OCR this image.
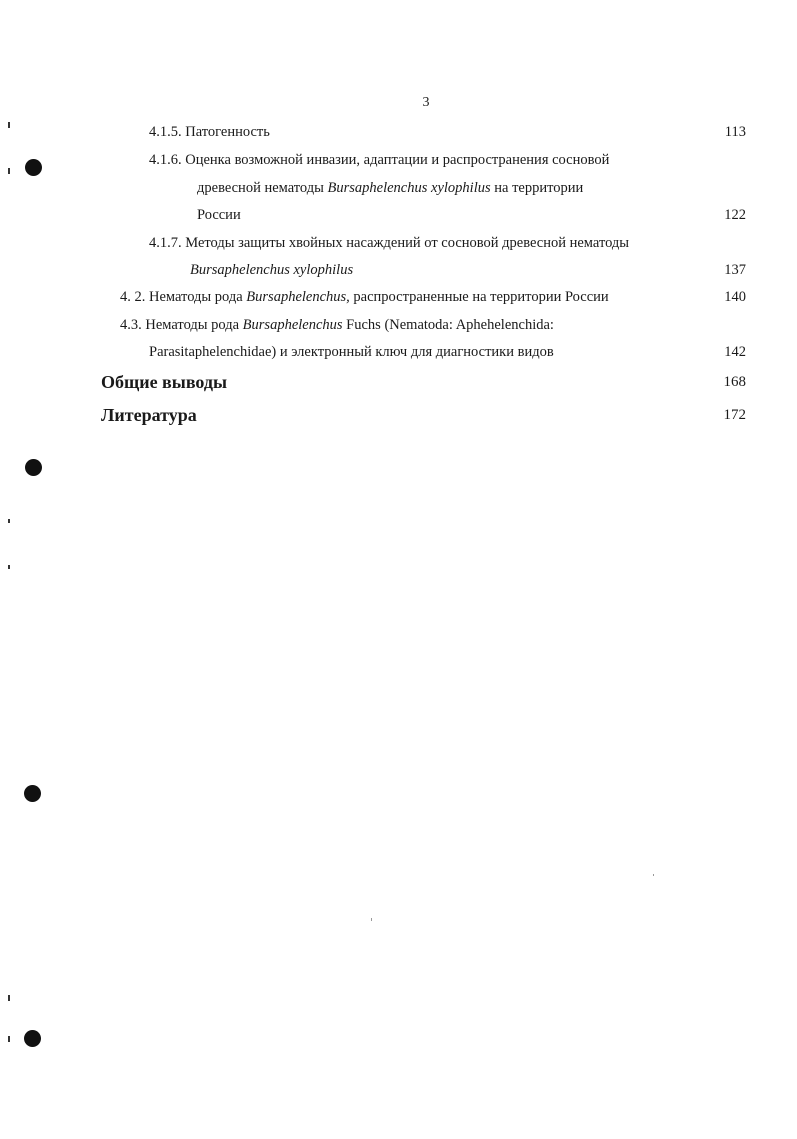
3
4.1.5. Патогенность	113
4.1.6. Оценка возможной инвазии, адаптации и распространения сосновой
древесной нематоды Bursaphelenchus xylophilus на территории
России	122
4.1.7. Методы защиты хвойных насаждений от сосновой древесной нематоды
Bursaphelenchus xylophilus	137
4. 2. Нематоды рода Bursaphelenchus, распространенные на территории России	140
4.3. Нематоды рода Bursaphelenchus Fuchs (Nematoda: Aphehelenchida:
Parasitaphelenchidae) и электронный ключ для диагностики видов	142
Общие выводы	168
Литература	172
